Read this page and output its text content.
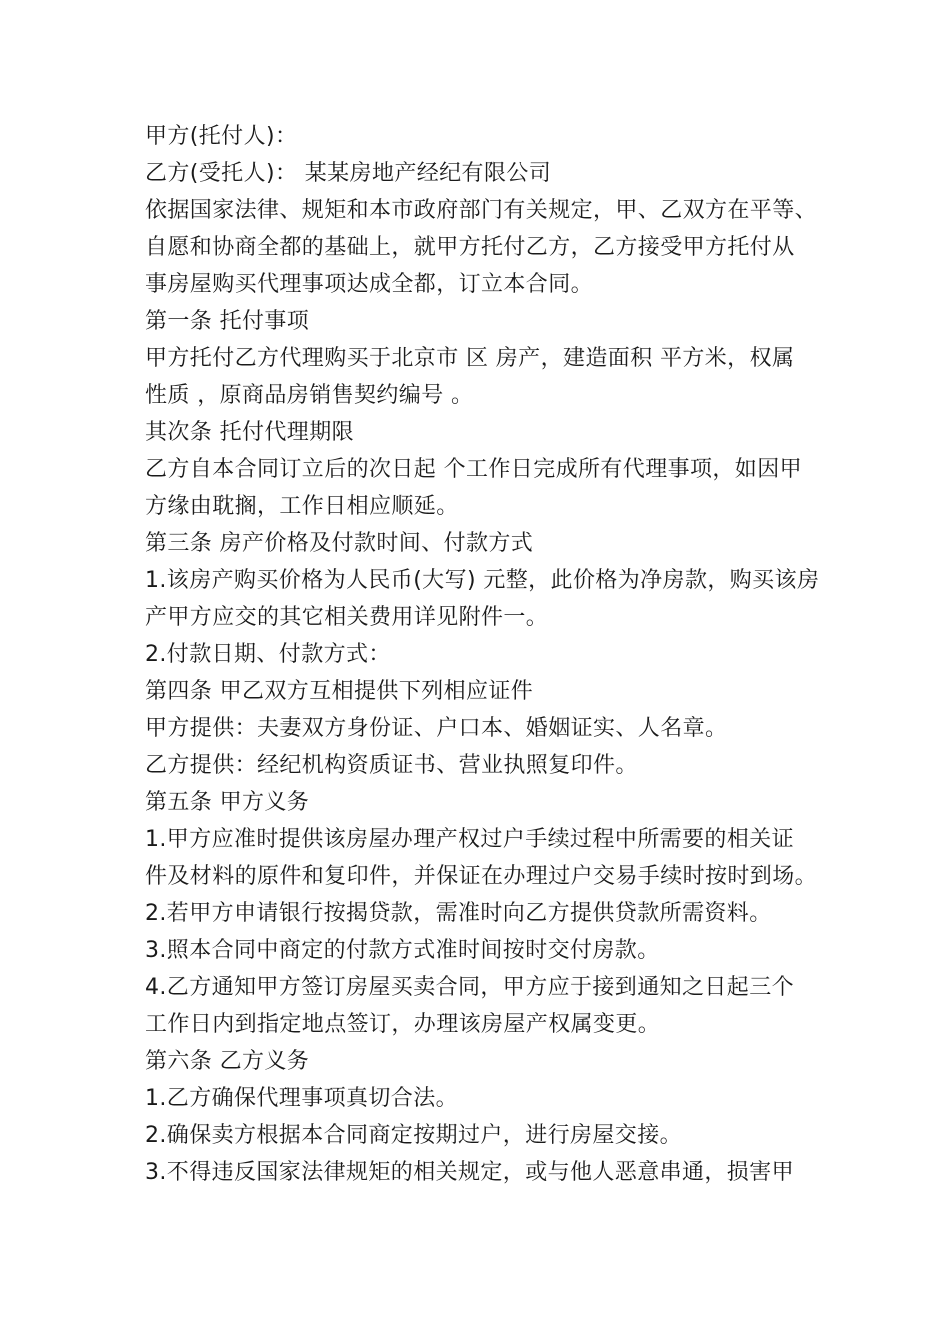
甲方(托付人)：
乙方(受托人)： 某某房地产经纪有限公司
依据国家法律、规矩和本市政府部门有关规定，甲、乙双方在平等、
自愿和协商全都的基础上，就甲方托付乙方，乙方接受甲方托付从
事房屋购买代理事项达成全都，订立本合同。
第一条 托付事项
甲方托付乙方代理购买于北京市 区 房产，建造面积 平方米，权属
性质 ，原商品房销售契约编号 。
其次条 托付代理期限
乙方自本合同订立后的次日起 个工作日完成所有代理事项，如因甲
方缘由耽搁，工作日相应顺延。
第三条 房产价格及付款时间、付款方式
1.该房产购买价格为人民币(大写) 元整，此价格为净房款，购买该房
产甲方应交的其它相关费用详见附件一。
2.付款日期、付款方式：
第四条 甲乙双方互相提供下列相应证件
甲方提供：夫妻双方身份证、户口本、婚姻证实、人名章。
乙方提供：经纪机构资质证书、营业执照复印件。
第五条 甲方义务
1.甲方应准时提供该房屋办理产权过户手续过程中所需要的相关证
件及材料的原件和复印件，并保证在办理过户交易手续时按时到场。
2.若甲方申请银行按揭贷款，需准时向乙方提供贷款所需资料。
3.照本合同中商定的付款方式准时间按时交付房款。
4.乙方通知甲方签订房屋买卖合同，甲方应于接到通知之日起三个
工作日内到指定地点签订，办理该房屋产权属变更。
第六条 乙方义务
1.乙方确保代理事项真切合法。
2.确保卖方根据本合同商定按期过户，进行房屋交接。
3.不得违反国家法律规矩的相关规定，或与他人恶意串通，损害甲
